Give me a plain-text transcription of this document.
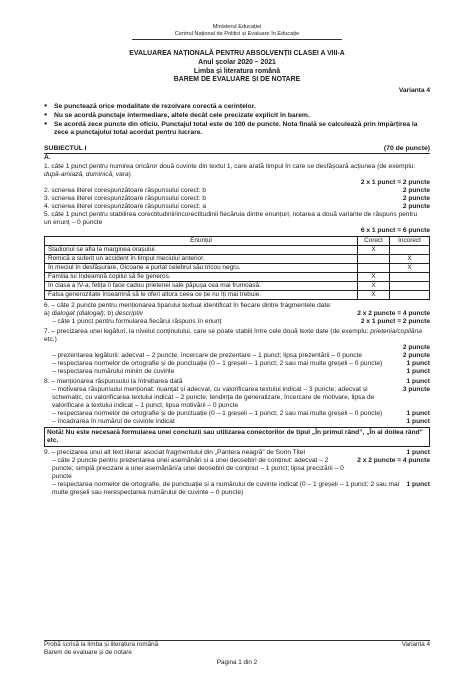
Ministerul Educației
Centrul Național de Politici și Evaluare în Educație
EVALUAREA NAȚIONALĂ PENTRU ABSOLVENȚII CLASEI A VIII-A
Anul școlar 2020 – 2021
Limba și literatura română
BAREM DE EVALUARE ȘI DE NOTARE
Varianta 4
● Se punctează orice modalitate de rezolvare corectă a cerințelor.
● Nu se acordă punctaje intermediare, altele decât cele precizate explicit în barem.
● Se acordă zece puncte din oficiu. Punctajul total este de 100 de puncte. Nota finală se calculează prin împărțirea la zece a punctajului total acordat pentru lucrare.
SUBIECTUL I	(70 de puncte)
A.
1. câte 1 punct pentru numirea oricăror două cuvinte din textul 1, care arată timpul în care se desfășoară acțiunea (de exemplu: după-amiază, duminică, vara)
2 x 1 punct = 2 puncte
2. scrierea literei corespunzătoare răspunsului corect: b	2 puncte
3. scrierea literei corespunzătoare răspunsului corect: b	2 puncte
4. scrierea literei corespunzătoare răspunsului corect: a	2 puncte
5. câte 1 punct pentru stabilirea corectitudinii/incorectitudinii fiecăruia dintre enunțuri; notarea a două variante de răspuns pentru un enunț – 0 puncte
6 x 1 punct = 6 puncte
Enunțul	Corect	Incorect
Stadionul se afla la marginea orașului.	X	
Romică a suferit un accident în timpul meciului anterior.		X
În meciul în desfășurare, Gicoane a purtat celebrul său tricou negru.		X
Familia lui Îndeamnă copilul să fie generos.	X	
În clasa a IV-a, fetița îi face cadou prietenei sale păpușa cea mai frumoasă.	X	
Falsa generozitate înseamnă să le oferi altora ceea ce ție nu îți mai trebuie.	X	
6. – câte 2 puncte pentru menționarea tiparului textual identificat în fiecare dintre fragmentele date:
a) dialogat (dialogal); b) descriptiv	2 x 2 puncte = 4 puncte
– câte 1 punct pentru formularea fiecărui răspuns în enunț	2 x 1 punct = 2 puncte
7. – precizarea unei legături, la nivelul conținutului, care se poate stabili între cele două texte date (de exemplu: prietenia/copilăria etc.)
2 puncte
– prezentarea legăturii: adecvat – 2 puncte; încercare de prezentare – 1 punct; lipsa prezentării – 0 puncte	2 puncte
– respectarea normelor de ortografie și de punctuație (0 – 1 greșeli – 1 punct; 2 sau mai multe greșeli – 0 puncte)	1 punct
– respectarea numărului minim de cuvinte	1 punct
8. – menționarea răspunsului la întrebarea dată	1 punct
– motivarea răspunsului menționat: nuanțat și adecvat, cu valorificarea textului indicat – 3 puncte; adecvat și schematic, cu valorificarea textului indicat – 2 puncte; tendința de generalizare, încercare de motivare, lipsa de valorificare a textului indicat – 1 punct; lipsa motivării – 0 puncte
3 puncte
– respectarea normelor de ortografie și de punctuație (0 – 1 greșeli – 1 punct; 2 sau mai multe greșeli – 0 puncte)	1 punct
– încadrarea în numărul de cuvinte indicat	1 punct
Notă! Nu este necesară formularea unei concluzii sau utilizarea conectorilor de tipul „În primul rând”, „În al doilea rând” etc.
9. – precizarea unui alt text literar asociat fragmentului din „Pantera neagră” de Sorin Titel	1 punct
– câte 2 puncte pentru prezentarea unei asemănări și a unei deosebiri de conținut: adecvat – 2 puncte; simplă precizare a unei asemănări/a unei deosebiri de conținut – 1 punct; lipsa precizării – 0 puncte
2 x 2 puncte = 4 puncte
– respectarea normelor de ortografie, de punctuație și a numărului de cuvinte indicat (0 – 1 greșeli – 1 punct; 2 sau mai multe greșeli sau nerespectarea numărului de cuvinte – 0 puncte)
1 punct
Probă scrisă la limba și literatura română	Varianta 4
Barem de evaluare și de notare
Pagina 1 din 2
